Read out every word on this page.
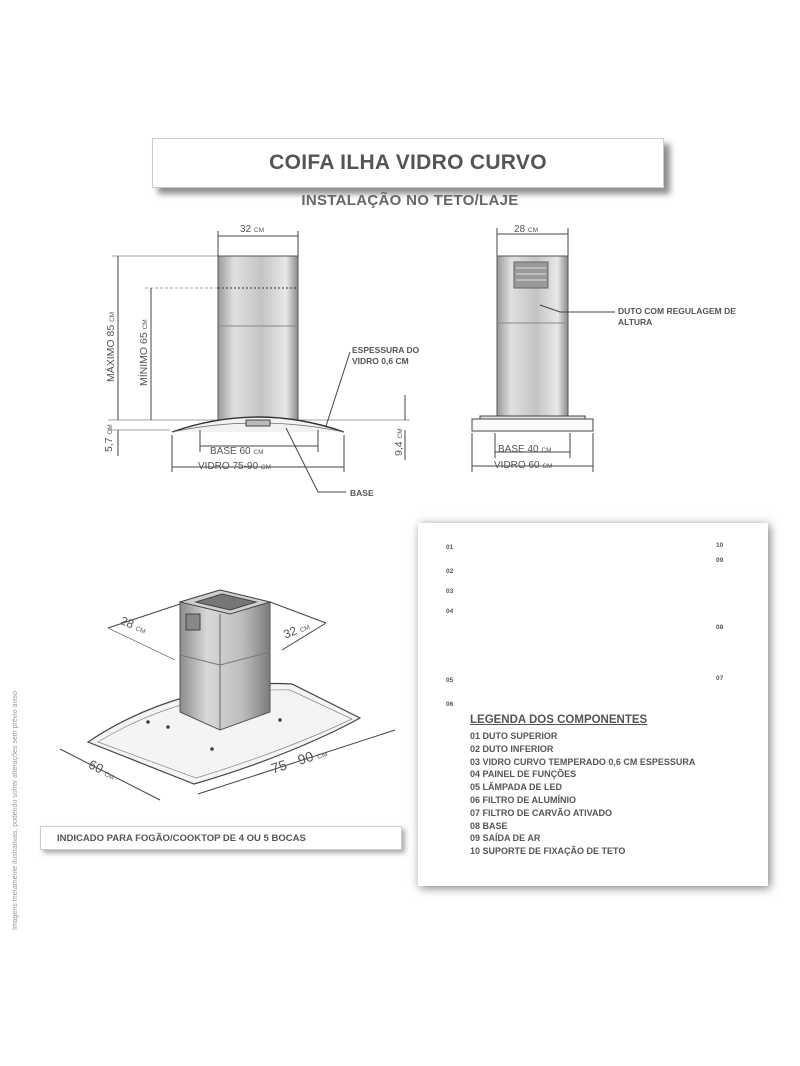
COIFA ILHA VIDRO CURVO
INSTALAÇÃO NO TETO/LAJE
32 CM
MÁXIMO 85 CM
MÍNIMO 65 CM
5,7 CM
BASE 60 CM
VIDRO 75-90 CM
ESPESSURA DO VIDRO 0,6 CM
BASE
9,4 CM
28 CM
DUTO COM REGULAGEM DE ALTURA
BASE 40 CM
VIDRO 60 CM
28 CM	32 CM
60 CM	75 - 90 CM
INDICADO PARA FOGÃO/COOKTOP DE 4 OU 5 BOCAS
01
02
03
04
05
06
07
08
09
10
LEGENDA DOS COMPONENTES
01 DUTO SUPERIOR
02 DUTO INFERIOR
03 VIDRO CURVO TEMPERADO 0,6 CM ESPESSURA
04 PAINEL DE FUNÇÕES
05 LÂMPADA DE LED
06 FILTRO DE ALUMÍNIO
07 FILTRO DE CARVÃO ATIVADO
08 BASE
09 SAÍDA DE AR
10 SUPORTE DE FIXAÇÃO DE TETO
Imagens meramente ilustrativas, podendo sofrer alterações sem prévio aviso
